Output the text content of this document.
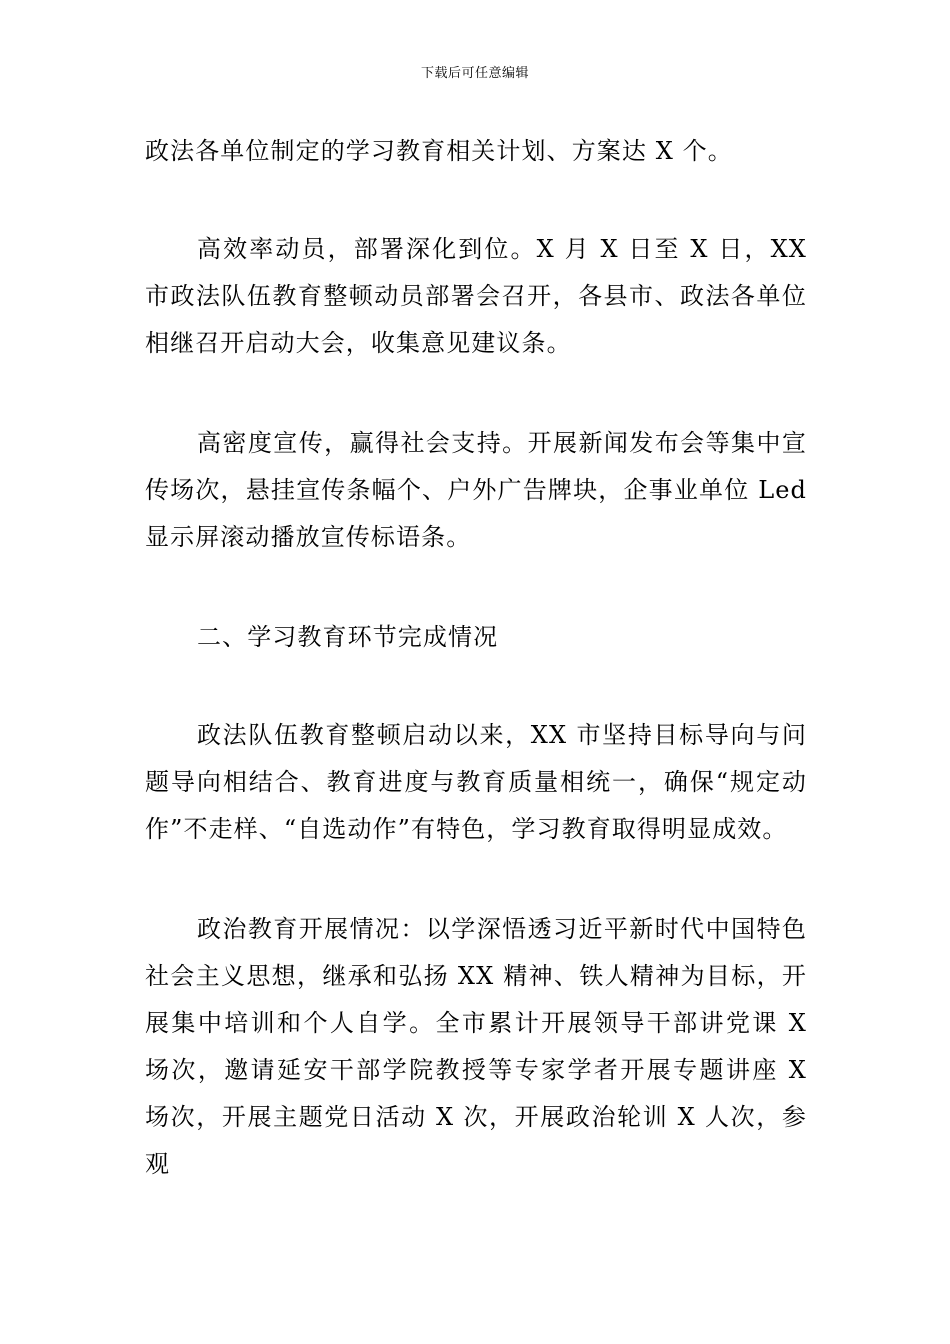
下载后可任意编辑

政法各单位制定的学习教育相关计划、方案达 X 个。

高效率动员，部署深化到位。X 月 X 日至 X 日，XX 市政法队伍教育整顿动员部署会召开，各县市、政法各单位相继召开启动大会，收集意见建议条。

高密度宣传，赢得社会支持。开展新闻发布会等集中宣传场次，悬挂宣传条幅个、户外广告牌块，企事业单位 Led 显示屏滚动播放宣传标语条。

二、学习教育环节完成情况

政法队伍教育整顿启动以来，XX 市坚持目标导向与问题导向相结合、教育进度与教育质量相统一，确保“规定动作”不走样、“自选动作”有特色，学习教育取得明显成效。

政治教育开展情况：以学深悟透习近平新时代中国特色社会主义思想，继承和弘扬 XX 精神、铁人精神为目标，开展集中培训和个人自学。全市累计开展领导干部讲党课 X 场次，邀请延安干部学院教授等专家学者开展专题讲座 X 场次，开展主题党日活动 X 次，开展政治轮训 X 人次，参观
